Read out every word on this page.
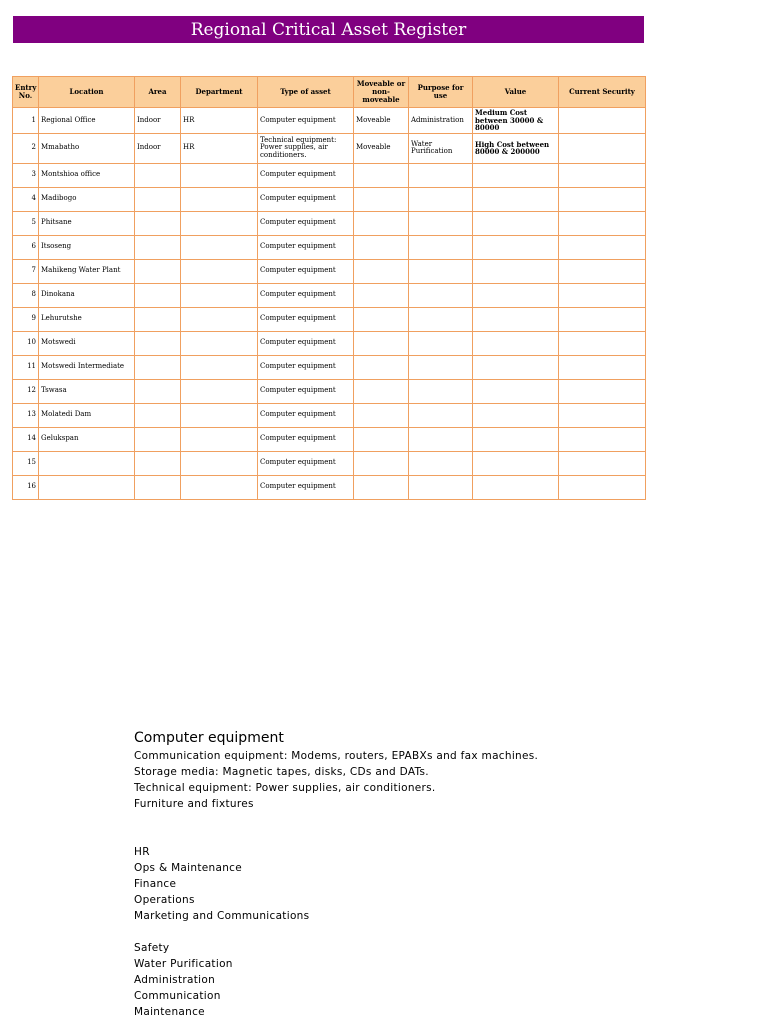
Regional Critical Asset Register
Entry No.	Location	Area	Department	Type of asset	Moveable or non-moveable	Purpose for use	Value	Current Security
1	Regional Office	Indoor	HR	Computer equipment	Moveable	Administration	Medium Cost between 30000 & 80000	
2	Mmabatho	Indoor	HR	Technical equipment: Power supplies, air conditioners.	Moveable	Water Purification	High Cost between 80000 & 200000	
3	Montshioa office			Computer equipment				
4	Madibogo			Computer equipment				
5	Phitsane			Computer equipment				
6	Itsoseng			Computer equipment				
7	Mahikeng Water Plant			Computer equipment				
8	Dinokana			Computer equipment				
9	Lehurutshe			Computer equipment				
10	Motswedi			Computer equipment				
11	Motswedi Intermediate			Computer equipment				
12	Tswasa			Computer equipment				
13	Molatedi Dam			Computer equipment				
14	Gelukspan			Computer equipment				
15				Computer equipment				
16				Computer equipment				
Computer equipment
Communication equipment: Modems, routers, EPABXs and fax machines.
Storage media: Magnetic tapes, disks, CDs and DATs.
Technical equipment: Power supplies, air conditioners.
Furniture and fixtures
HR
Ops & Maintenance
Finance
Operations
Marketing and Communications
Safety
Water Purification
Administration
Communication
Maintenance
